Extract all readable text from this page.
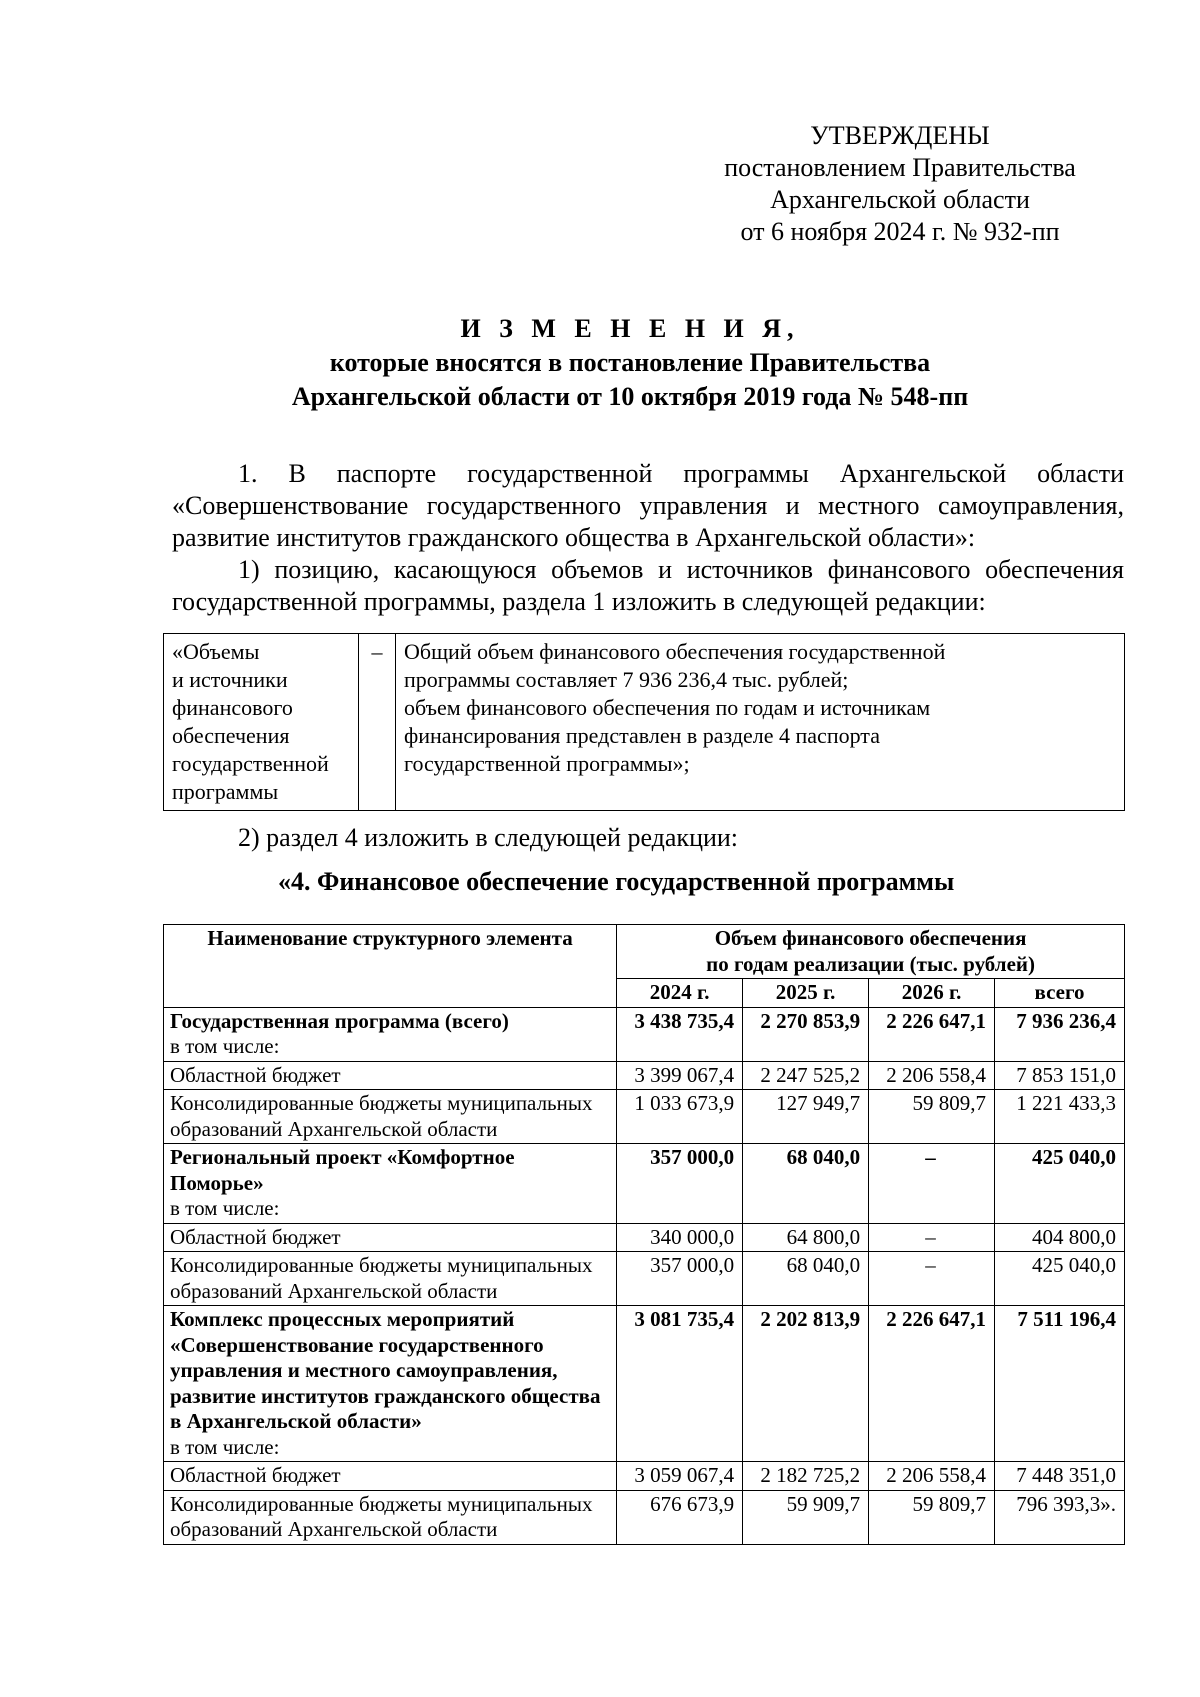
УТВЕРЖДЕНЫ
постановлением Правительства
Архангельской области
от 6 ноября 2024 г. № 932-пп
И З М Е Н Е Н И Я,
которые вносятся в постановление Правительства
Архангельской области от 10 октября 2019 года № 548-пп

1. В паспорте государственной программы Архангельской области

«Совершенствование государственного управления и местного самоуправления,

развитие институтов гражданского общества в Архангельской области»:

1) позицию, касающуюся объемов и источников финансового обеспечения

государственной программы, раздела 1 изложить в следующей редакции:

«Объемы
и источники
финансового
обеспечения
государственной
программы
	–	Общий объем финансового обеспечения государственной
программы составляет 7 936 236,4 тыс. рублей;
объем финансового обеспечения по годам и источникам
финансирования представлен в разделе 4 паспорта
государственной программы»;

2) раздел 4 изложить в следующей редакции:

«4. Финансовое обеспечение государственной программы

Наименование структурного элемента	Объем финансового обеспечения
по годам реализации (тыс. рублей)			

	2024 г.	2025 г.	2026 г.	всего
Государственная программа (всего)
в том числе:	3 438 735,4	2 270 853,9	2 226 647,1	7 936 236,4
Областной бюджет	3 399 067,4	2 247 525,2	2 206 558,4	7 853 151,0
Консолидированные бюджеты муниципальных образований Архангельской области	1 033 673,9	127 949,7	59 809,7	1 221 433,3
Региональный проект «Комфортное Поморье»
в том числе:	357 000,0	68 040,0	–	425 040,0
Областной бюджет	340 000,0	64 800,0	–	404 800,0
Консолидированные бюджеты муниципальных образований Архангельской области	357 000,0	68 040,0	–	425 040,0
Комплекс процессных мероприятий «Совершенствование государственного управления и местного самоуправления, развитие институтов гражданского общества в Архангельской области»
в том числе:	3 081 735,4	2 202 813,9	2 226 647,1	7 511 196,4
Областной бюджет	3 059 067,4	2 182 725,2	2 206 558,4	7 448 351,0
Консолидированные бюджеты муниципальных образований Архангельской области	676 673,9	59 909,7	59 809,7	796 393,3».
